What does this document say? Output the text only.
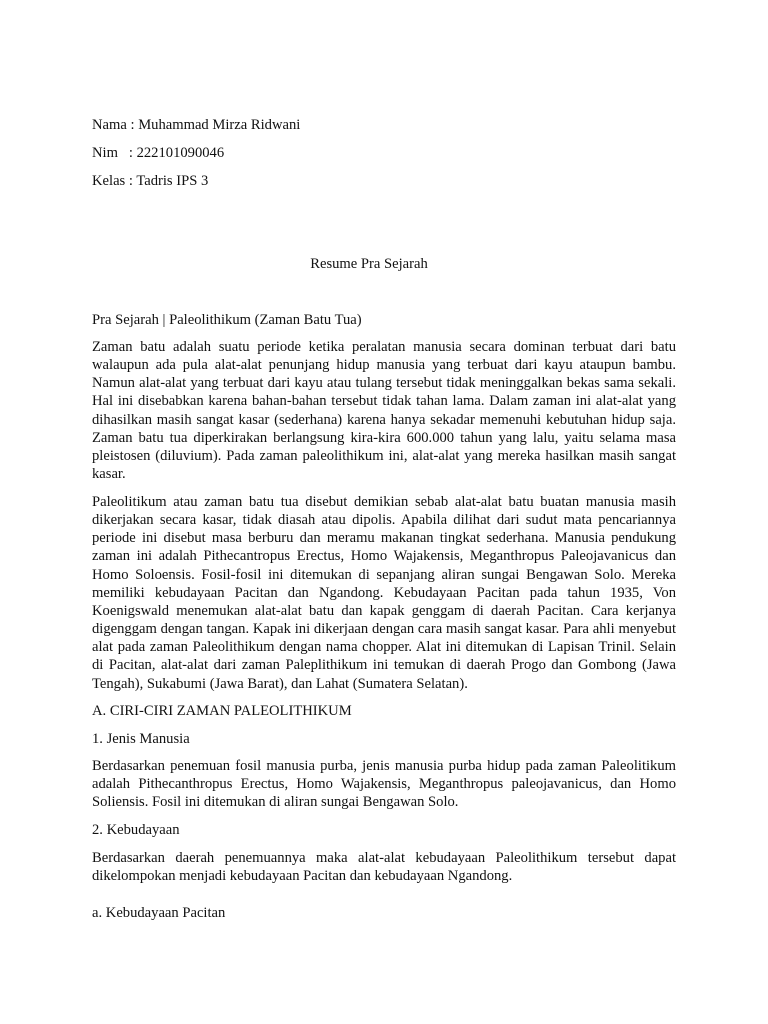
Nama : Muhammad Mirza Ridwani
Nim   : 222101090046
Kelas : Tadris IPS 3
Resume Pra Sejarah
Pra Sejarah | Paleolithikum (Zaman Batu Tua)

Zaman batu adalah suatu periode ketika peralatan manusia secara dominan terbuat dari batu walaupun ada pula alat-alat penunjang hidup manusia yang terbuat dari kayu ataupun bambu. Namun alat-alat yang terbuat dari kayu atau tulang tersebut tidak meninggalkan bekas sama sekali. Hal ini disebabkan karena bahan-bahan tersebut tidak tahan lama. Dalam zaman ini alat-alat yang dihasilkan masih sangat kasar (sederhana) karena hanya sekadar memenuhi kebutuhan hidup saja. Zaman batu tua diperkirakan berlangsung kira-kira 600.000 tahun yang lalu, yaitu selama masa pleistosen (diluvium). Pada zaman paleolithikum ini, alat-alat yang mereka hasilkan masih sangat kasar.

Paleolitikum atau zaman batu tua disebut demikian sebab alat-alat batu buatan manusia masih dikerjakan secara kasar, tidak diasah atau dipolis. Apabila dilihat dari sudut mata pencariannya periode ini disebut masa berburu dan meramu makanan tingkat sederhana. Manusia pendukung zaman ini adalah Pithecantropus Erectus, Homo Wajakensis, Meganthropus Paleojavanicus dan Homo Soloensis. Fosil-fosil ini ditemukan di sepanjang aliran sungai Bengawan Solo. Mereka memiliki kebudayaan Pacitan dan Ngandong. Kebudayaan Pacitan pada tahun 1935, Von Koenigswald menemukan alat-alat batu dan kapak genggam di daerah Pacitan. Cara kerjanya digenggam dengan tangan. Kapak ini dikerjaan dengan cara masih sangat kasar. Para ahli menyebut alat pada zaman Paleolithikum dengan nama chopper. Alat ini ditemukan di Lapisan Trinil. Selain di Pacitan, alat-alat dari zaman Paleplithikum ini temukan di daerah Progo dan Gombong (Jawa Tengah), Sukabumi (Jawa Barat), dan Lahat (Sumatera Selatan).

A. CIRI-CIRI ZAMAN PALEOLITHIKUM
1. Jenis Manusia

Berdasarkan penemuan fosil manusia purba, jenis manusia purba hidup pada zaman Paleolitikum adalah Pithecanthropus Erectus, Homo Wajakensis, Meganthropus paleojavanicus, dan Homo Soliensis. Fosil ini ditemukan di aliran sungai Bengawan Solo.

2. Kebudayaan

Berdasarkan daerah penemuannya maka alat-alat kebudayaan Paleolithikum tersebut dapat dikelompokan menjadi kebudayaan Pacitan dan kebudayaan Ngandong.

a. Kebudayaan Pacitan
